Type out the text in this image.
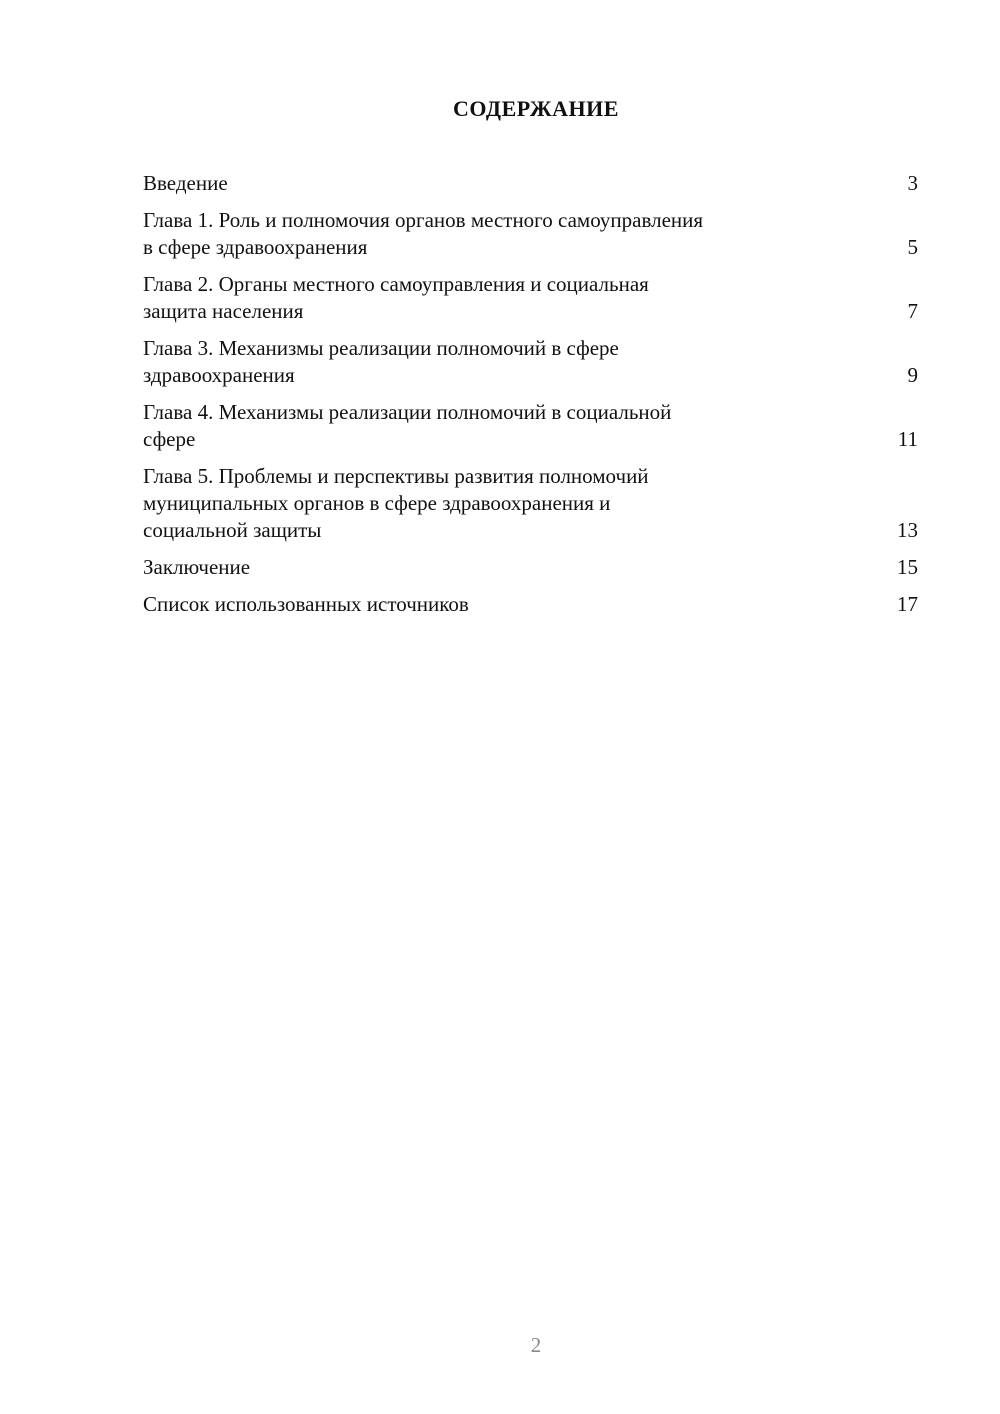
СОДЕРЖАНИЕ
Введение	3
Глава 1. Роль и полномочия органов местного самоуправления
в сфере здравоохранения	5
Глава 2. Органы местного самоуправления и социальная
защита населения	7
Глава 3. Механизмы реализации полномочий в сфере
здравоохранения	9
Глава 4. Механизмы реализации полномочий в социальной
сфере	11
Глава 5. Проблемы и перспективы развития полномочий
муниципальных органов в сфере здравоохранения и
социальной защиты	13
Заключение	15
Список использованных источников	17
2
